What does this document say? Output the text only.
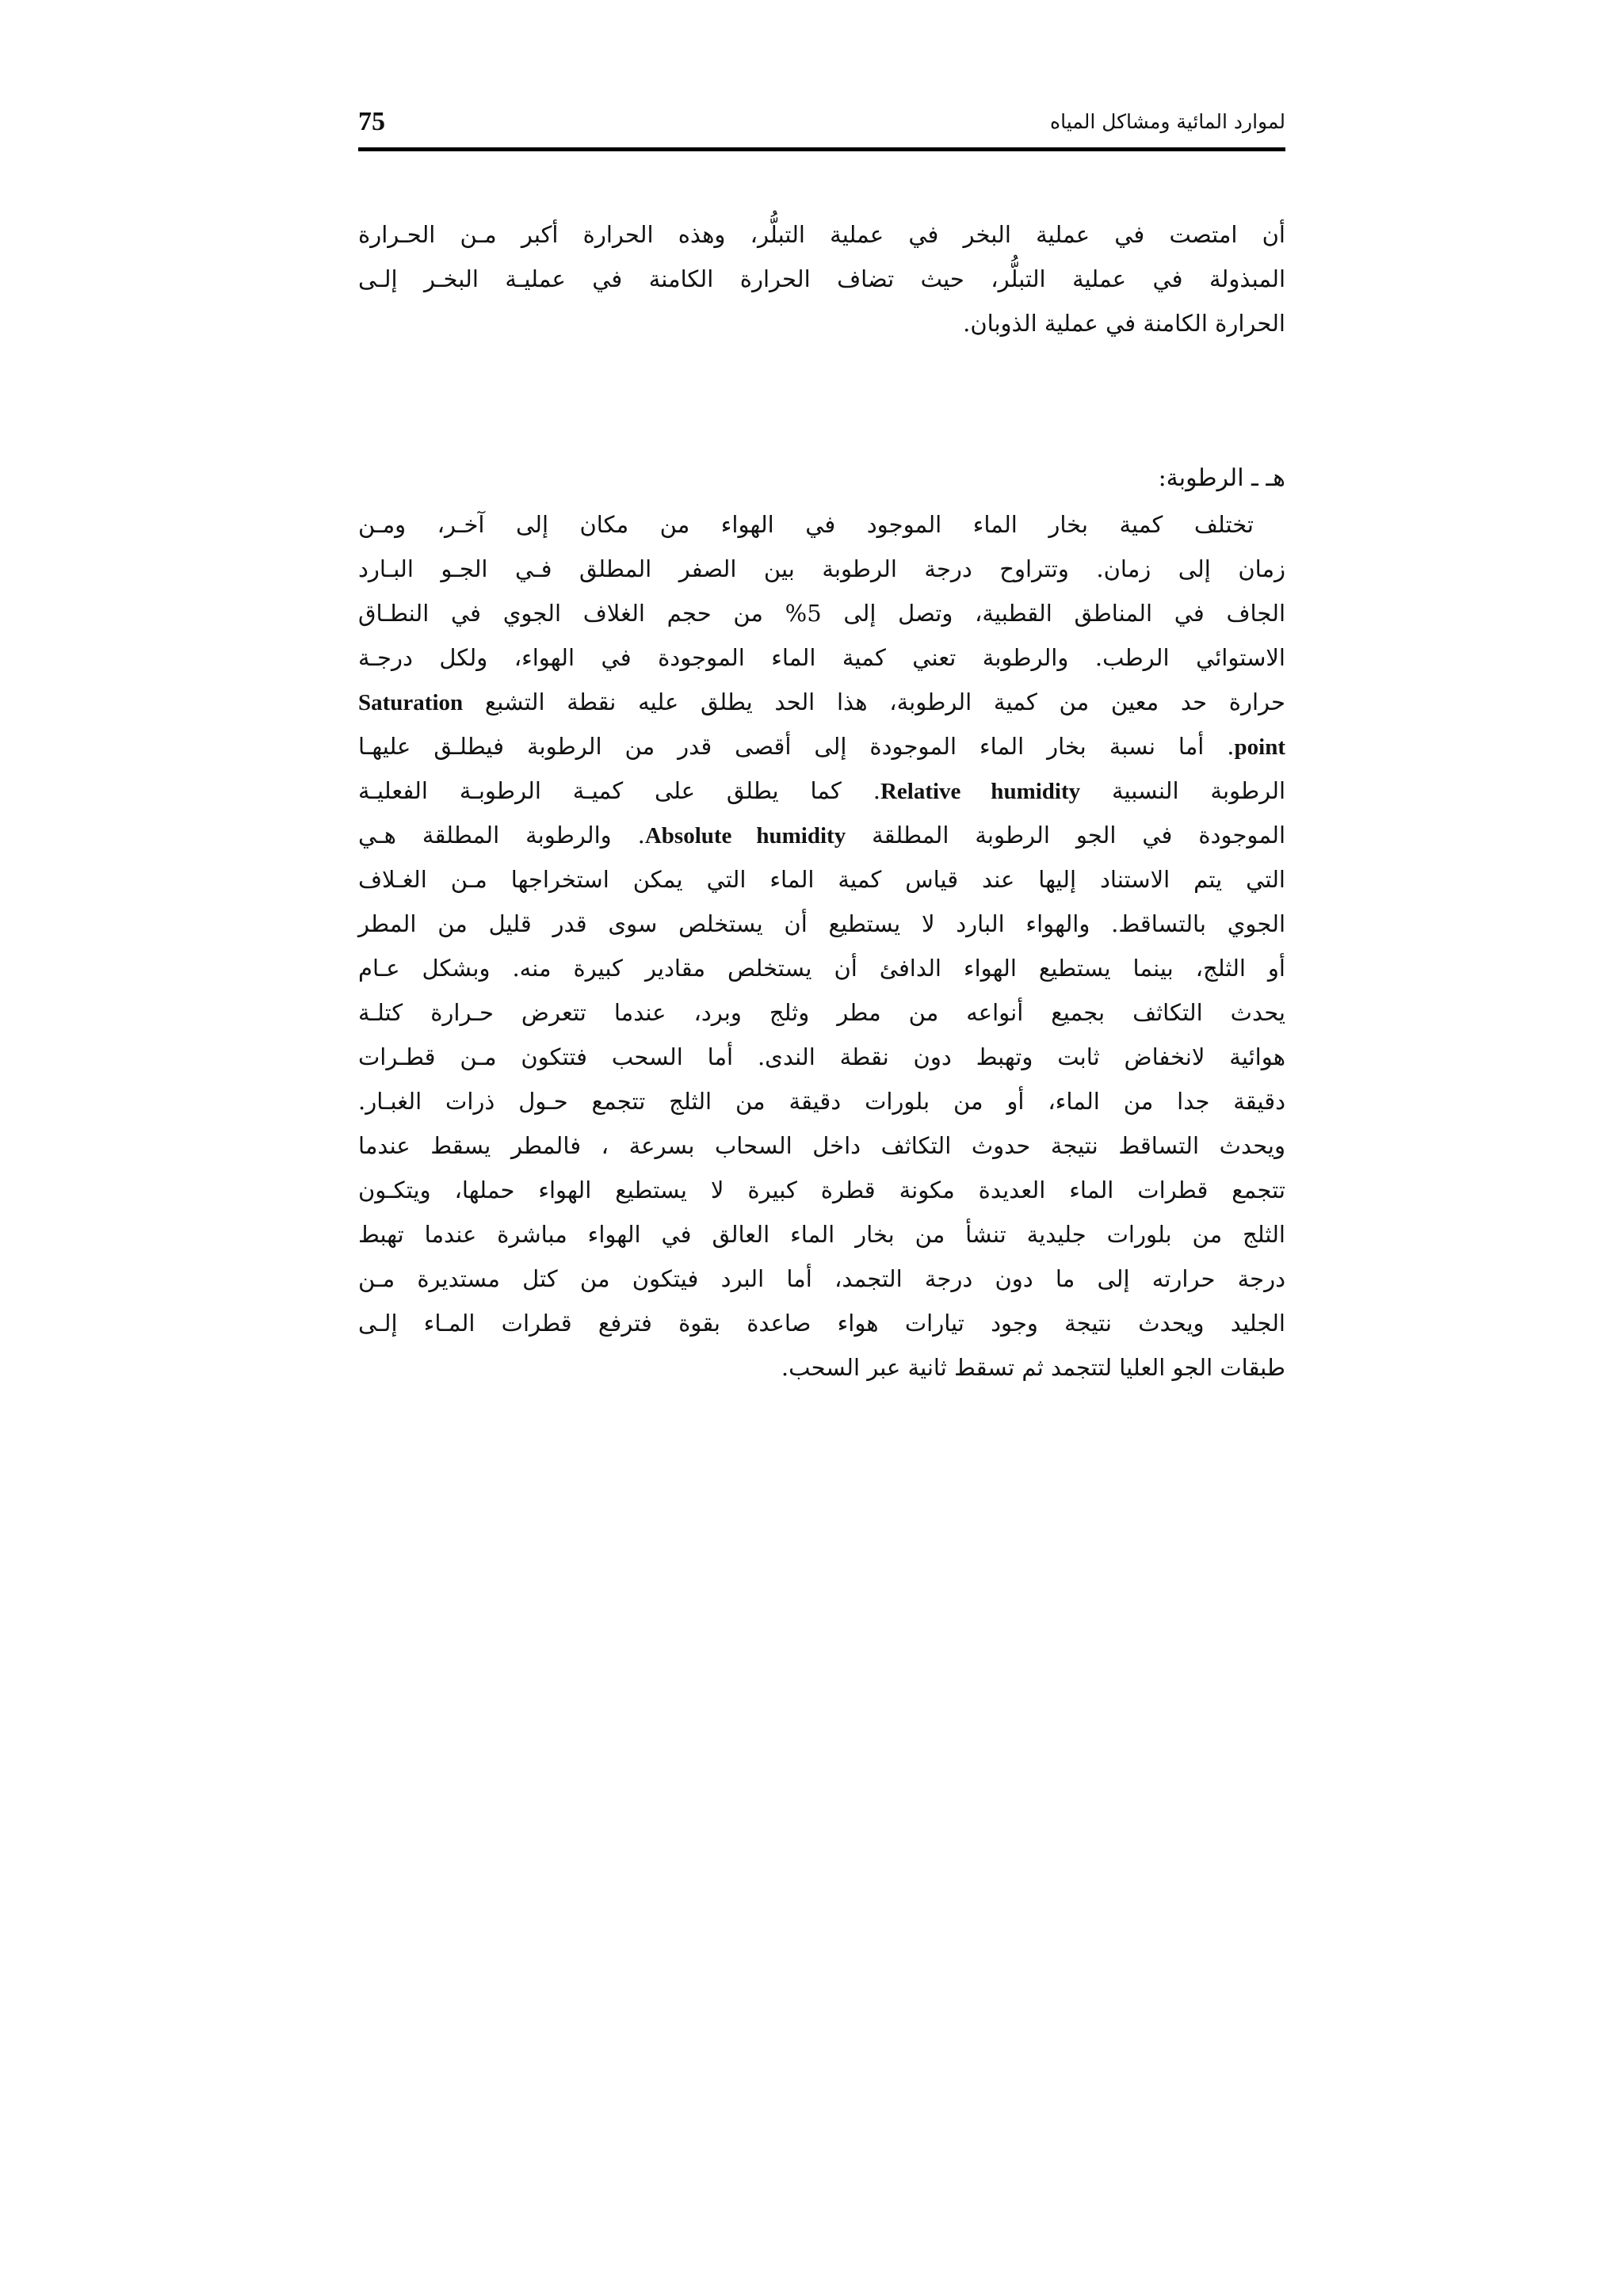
75	لموارد المائية ومشاكل المياه
أن امتصت في عملية البخر في عملية التبلُّر، وهذه الحرارة أكبر مـن الحـرارة
المبذولة في عملية التبلُّر، حيث تضاف الحرارة الكامنة في عمليـة البخـر إلـى
الحرارة الكامنة في عملية الذوبان.
هـ ـ الرطوبة:
تختلف كمية بخار الماء الموجود في الهواء من مكان إلى آخـر، ومـن
زمان إلى زمان. وتتراوح درجة الرطوبة بين الصفر المطلق فـي الجـو البـارد
الجاف في المناطق القطبية، وتصل إلى 5% من حجم الغلاف الجوي في النطـاق
الاستوائي الرطب. والرطوبة تعني كمية الماء الموجودة في الهواء، ولكل درجـة
حرارة حد معين من كمية الرطوبة، هذا الحد يطلق عليه نقطة التشبع Saturation
point. أما نسبة بخار الماء الموجودة إلى أقصى قدر من الرطوبة فيطلـق عليهـا
الرطوبة النسبية Relative humidity. كما يطلق على كميـة الرطوبـة الفعليـة
الموجودة في الجو الرطوبة المطلقة Absolute humidity. والرطوبة المطلقة هـي
التي يتم الاستناد إليها عند قياس كمية الماء التي يمكن استخراجها مـن الغـلاف
الجوي بالتساقط. والهواء البارد لا يستطيع أن يستخلص سوى قدر قليل من المطر
أو الثلج، بينما يستطيع الهواء الدافئ أن يستخلص مقادير كبيرة منه. وبشكل عـام
يحدث التكاثف بجميع أنواعه من مطر وثلج وبرد، عندما تتعرض حـرارة كتلـة
هوائية لانخفاض ثابت وتهبط دون نقطة الندى. أما السحب فتتكون مـن قطـرات
دقيقة جدا من الماء، أو من بلورات دقيقة من الثلج تتجمع حـول ذرات الغبـار.
ويحدث التساقط نتيجة حدوث التكاثف داخل السحاب بسرعة ، فالمطر يسقط عندما
تتجمع قطرات الماء العديدة مكونة قطرة كبيرة لا يستطيع الهواء حملها، ويتكـون
الثلج من بلورات جليدية تنشأ من بخار الماء العالق في الهواء مباشرة عندما تهبط
درجة حرارته إلى ما دون درجة التجمد، أما البرد فيتكون من كتل مستديرة مـن
الجليد ويحدث نتيجة وجود تيارات هواء صاعدة بقوة فترفع قطرات المـاء إلـى
طبقات الجو العليا لتتجمد ثم تسقط ثانية عبر السحب.
